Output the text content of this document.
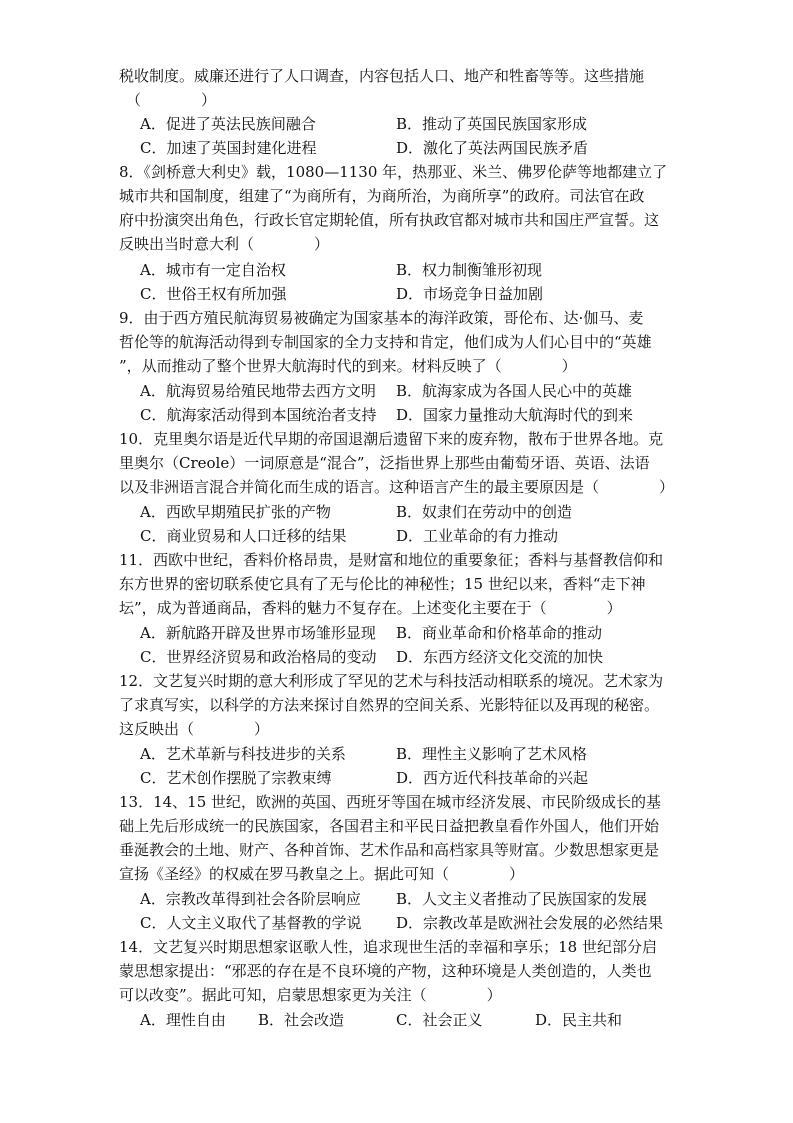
税收制度。威廉还进行了人口调查，内容包括人口、地产和牲畜等等。这些措施
（　　　　）
A．促进了英法民族间融合	B．推动了英国民族国家形成
C．加速了英国封建化进程	D．激化了英法两国民族矛盾
8．《剑桥意大利史》载，1080—1130 年，热那亚、米兰、佛罗伦萨等地都建立了
城市共和国制度，组建了“为商所有，为商所治，为商所享”的政府。司法官在政
府中扮演突出角色，行政长官定期轮值，所有执政官都对城市共和国庄严宣誓。这
反映出当时意大利（　　　　）
A．城市有一定自治权	B．权力制衡雏形初现
C．世俗王权有所加强	D．市场竞争日益加剧
9．由于西方殖民航海贸易被确定为国家基本的海洋政策，哥伦布、达·伽马、麦
哲伦等的航海活动得到专制国家的全力支持和肯定，他们成为人们心目中的“英雄
”，从而推动了整个世界大航海时代的到来。材料反映了（　　　　）
A．航海贸易给殖民地带去西方文明 B．航海家成为各国人民心中的英雄
C．航海家活动得到本国统治者支持 D．国家力量推动大航海时代的到来
10．克里奥尔语是近代早期的帝国退潮后遗留下来的废弃物，散布于世界各地。克
里奥尔（Creole）一词原意是“混合”，泛指世界上那些由葡萄牙语、英语、法语
以及非洲语言混合并简化而生成的语言。这种语言产生的最主要原因是（　　　　）
A．西欧早期殖民扩张的产物	B．奴隶们在劳动中的创造
C．商业贸易和人口迁移的结果	D．工业革命的有力推动
11．西欧中世纪，香料价格昂贵，是财富和地位的重要象征；香料与基督教信仰和
东方世界的密切联系使它具有了无与伦比的神秘性；15 世纪以来，香料“走下神
坛”，成为普通商品，香料的魅力不复存在。上述变化主要在于（　　　　）
A．新航路开辟及世界市场雏形显现 B．商业革命和价格革命的推动
C．世界经济贸易和政治格局的变动 D．东西方经济文化交流的加快
12．文艺复兴时期的意大利形成了罕见的艺术与科技活动相联系的境况。艺术家为
了求真写实，以科学的方法来探讨自然界的空间关系、光影特征以及再现的秘密。
这反映出（　　　　）
A．艺术革新与科技进步的关系	B．理性主义影响了艺术风格
C．艺术创作摆脱了宗教束缚	D．西方近代科技革命的兴起
13．14、15 世纪，欧洲的英国、西班牙等国在城市经济发展、市民阶级成长的基
础上先后形成统一的民族国家，各国君主和平民日益把教皇看作外国人，他们开始
垂涎教会的土地、财产、各种首饰、艺术作品和高档家具等财富。少数思想家更是
宣扬《圣经》的权威在罗马教皇之上。据此可知（　　　　）
A．宗教改革得到社会各阶层响应 B．人文主义者推动了民族国家的发展
C．人文主义取代了基督教的学说 D．宗教改革是欧洲社会发展的必然结果
14．文艺复兴时期思想家讴歌人性，追求现世生活的幸福和享乐；18 世纪部分启
蒙思想家提出：“邪恶的存在是不良环境的产物，这种环境是人类创造的，人类也
可以改变”。据此可知，启蒙思想家更为关注（　　　　）
A．理性自由 B．社会改造	C．社会正义	D．民主共和
